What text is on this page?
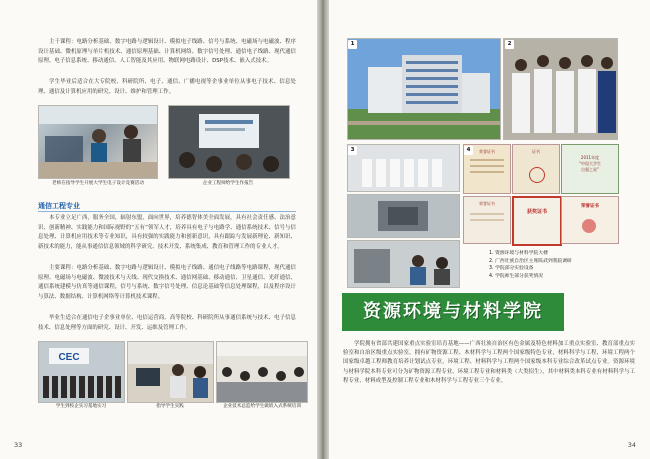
主干课程：电路分析基础、数字电路与逻辑设计、模拟电子线路、信号与系统、电磁场与电磁波、程序设计基础、微机原理与单片机技术、通信原理基础、计算机网络、数字信号处理、通信电子线路、现代通信原理、电子信息系统、移动通信、人工智能及其应用、物联网电路设计、DSP技术、嵌入式技术。

学生毕业后适合在大专院校、科研院所、电子、通信、广播电视等企事业单位从事电子技术、信息处理、通信及计算机应用的研究、设计、维护和管理工作。

老师在指导学生开展大学生电子设计竞赛活动	企业工程师给学生作报告
通信工程专业

本专业立足广西，服务全国，辐射东盟，面向世界，培养德智体美全面发展，具有社会责任感、法治意识、创新精神、实践能力和国际视野的“五有”领军人才，培养具有电子与电路学、通信系统技术、信号与信息处理、计算机应用技术等专业知识，具有较强的实践能力和创新意识，具有跟踪与发展新理论、新知识、新技术的能力，能从事通信信息领域的科学研究、技术开发、系统集成、教育和管理工作的专业人才。

主要课程：电路分析基础、数字电路与逻辑设计、模拟电子线路、通信电子线路等电路课程，现代通信原理、电磁场与电磁波、微波技术与天线、现代交换技术、通信网基础、移动通信、卫星通信、光纤通信、通信系统建模与仿真等通信课程，信号与系统、数字信号处理、信息论基础等信息处理课程，以及程序设计与算法、数据结构、计算机网络等计算机技术课程。

毕业生适合在通信电子企事业单位、电信运营商、高等院校、科研院所从事通信系统与技术、电子信息技术、信息处理等方面的研究、设计、开发、运维及管理工作。

CEC
学生到校企实习基地实习	指导学生实践	企业技术总监给学生做嵌入式系统培训
33
1	2
3	荣誉证书	证书
2011年度
“中国大学生
自强之星”
荣誉证书
获奖证书
荣誉证书
4
1. 资源环境与材料学院大楼
2. 广西壮族自治区主席陈武到我院调研
3. 学院部分实验设备
4. 学院师生部分获奖情况
资源环境与材料学院

学院拥有省部共建国家重点实验室培育基地——广西壮族自治区有色金属及特色材料加工重点实验室、教育部重点实验室和自治区级重点实验室，拥有矿物资源工程、木材科学与工程两个国家级特色专业，材料科学与工程、环境工程两个国家级卓越工程师教育培养计划试点专业，环境工程、材料科学与工程两个国家级本科专业综合改革试点专业。资源环境与材料学院本科专业可分为矿物资源工程专业、环境工程专业和材料类（大类招生），其中材料类本科专业有材料科学与工程专业、材料成型及控制工程专业和木材科学与工程专业三个专业。

34
